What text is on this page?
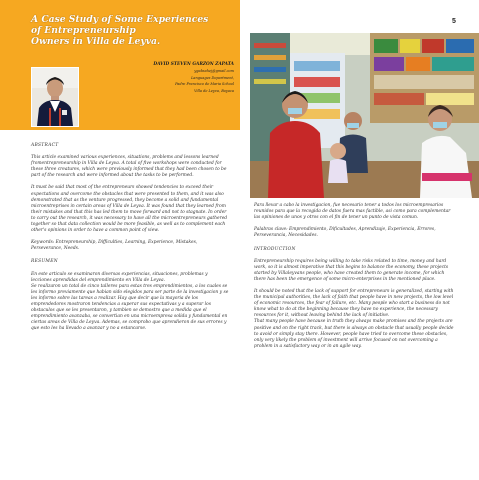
A Case Study of Some Experiences
of Entrepreneurship
Owners in Villa de Leyva.
5
DAVID STEVEN GARZON ZAPATA
ygabsahej@gmail.com
Languages Department,
Padre Francisco de Maria School
Villa de Leyva, Boyaca

ABSTRACT

This article examined various experiences, situations, problems and lessons learned fromentrepreneurship in Villa de Leyva. A total of five workshops were conducted for these three creatures, which were previously informed that they had been chosen to be part of the research and were informed about the tasks to be performed.

It must be said that most of the entrepreneurs showed tendencies to exceed their expectations and overcome the obstacles that were presented to them, and it was also demonstrated that as the venture progressed, they become a solid and fundamental microentreprises in certain areas of Villa de Leyva. It was found that they learned from their mistakes and that this has led them to move forward and not to stagnate. In order to carry out the research, it was necessary to have all the microentrepreneurs gathered together so that data collection would be more feasible, as well as to complement each other's opinions in order to have a common point of view.

Keywords: Entrepreneurship, Difficulties, Learning, Experience, Mistakes, Perseverance, Needs.

RESUMEN

En este articulo se examinaron diversas experiencias, situaciones, problemas y lecciones aprendidas del emprendimiento en Villa de Leyva.

Se realizaron un total de cinco talleres para estas tres emprendimientos, a los cuales se les informo previamente que habian sido elegidos para ser parte de la investigacion y se les informo sobre las tareas a realizar. Hay que decir que la mayoria de los emprendedores mostraron tendencias a superar sus expectativas y a superar los obstaculos que se les presentaron, y tambien se demostro que a medida que el emprendimiento avanzaba, se convertian en una microempresa solida y fundamental en ciertas areas de Villa de Leyva. Ademas, se comprobo que aprendieron de sus errores y que esto les ha llevado a avanzar y no a estancarse.

Para llevar a cabo la investigacion, fue necesario tener a todos los microempresarios reunidos para que la recogida de datos fuera mas factible, asi como para complementar las opiniones de unos y otros con el fin de tener un punto de vista comun.

Palabras clave: Emprendimiento, Dificultades, Aprendizaje, Experiencia, Errores, Perseverancia, Necesidades.

INTRODUCTION

Entrepreneurship requires being willing to take risks related to time, money and hard work, so it is almost imperative that this begins to balance the economy, these projects started by Villaleyvans people, who have created them to generate income, for which there has been the emergence of some micro-enterprises in the mentioned place.

It should be noted that the lack of support for entrepreneurs is generalized, starting with the municipal authorities, the lack of faith that people have in new projects, the low level of economic resources, the fear of failure, etc. Many people who start a business do not know what to do at the beginning because they have no experience, the necessary resources for it, without leaving behind the lack of initiative.

That many people have because in truth they always make promises and the projects are positive and on the right track, but there is always an obstacle that usually people decide to avoid or simply stay there. However, people have tried to overcome these obstacles, only very likely the problem of investment will arrive focused on not overcoming a problem in a satisfactory way or in an agile way.
